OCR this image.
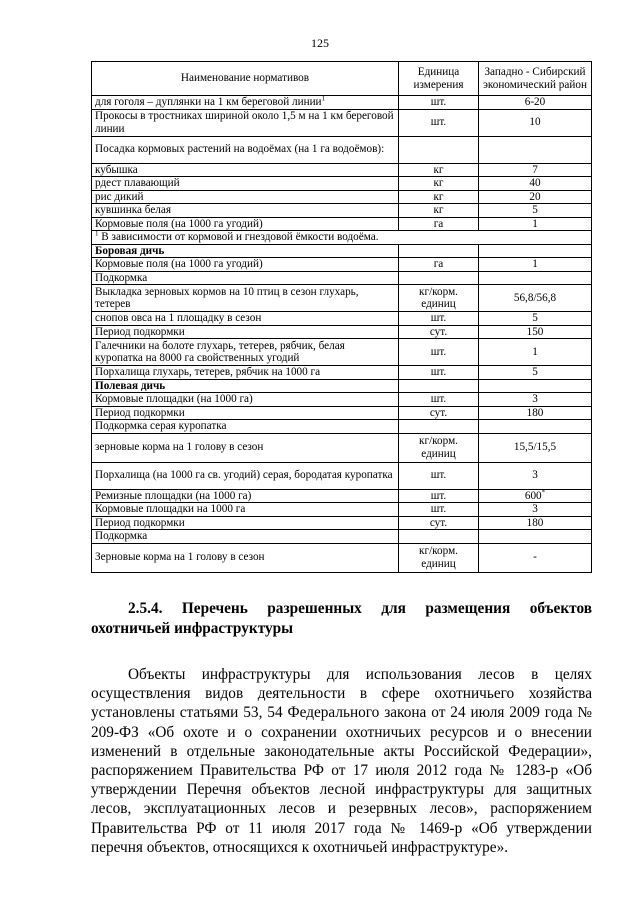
125
Наименование нормативов	Единица измерения	Западно - Сибирский экономический район
для гоголя – дуплянки на 1 км береговой линии$^1$	шт.	6-20
Прокосы в тростниках шириной около 1,5 м на 1 км береговой линии	шт.	10
Посадка кормовых растений на водоёмах (на 1 га водоёмов):		
кубышка	кг	7
рдест плавающий	кг	40
рис дикий	кг	20
кувшинка белая	кг	5
Кормовые поля (на 1000 га угодий)	га	1
$^1$ В зависимости от кормовой и гнездовой ёмкости водоёма.		
Боровая дичь		
Кормовые поля (на 1000 га угодий)	га	1
Подкормка		
Выкладка зерновых кормов на 10 птиц в сезон глухарь, тетерев	кг/корм. единиц	56,8/56,8
снопов овса на 1 площадку в сезон	шт.	5
Период подкормки	сут.	150
Галечники на болоте глухарь, тетерев, рябчик, белая куропатка на 8000 га свойственных угодий	шт.	1
Порхалища глухарь, тетерев, рябчик на 1000 га	шт.	5
Полевая дичь		
Кормовые площадки (на 1000 га)	шт.	3
Период подкормки	сут.	180
Подкормка серая куропатка		
зерновые корма на 1 голову в сезон	кг/корм. единиц	15,5/15,5
Порхалища (на 1000 га св. угодий) серая, бородатая куропатка	шт.	3
Ремизные площадки (на 1000 га)	шт.	600*
Кормовые площадки на 1000 га	шт.	3
Период подкормки	сут.	180
Подкормка		
Зерновые корма на 1 голову в сезон	кг/корм. единиц	-
2.5.4. Перечень разрешенных для размещения объектов охотничьей инфраструктуры

Объекты инфраструктуры для использования лесов в целях осуществления видов деятельности в сфере охотничьего хозяйства установлены статьями 53, 54 Федерального закона от 24 июля 2009 года № 209-ФЗ «Об охоте и о сохранении охотничьих ресурсов и о внесении изменений в отдельные законодательные акты Российской Федерации», распоряжением Правительства РФ от 17 июля 2012 года № 1283-р «Об утверждении Перечня объектов лесной инфраструктуры для защитных лесов, эксплуатационных лесов и резервных лесов», распоряжением Правительства РФ от 11 июля 2017 года № 1469-р «Об утверждении перечня объектов, относящихся к охотничьей инфраструктуре».
